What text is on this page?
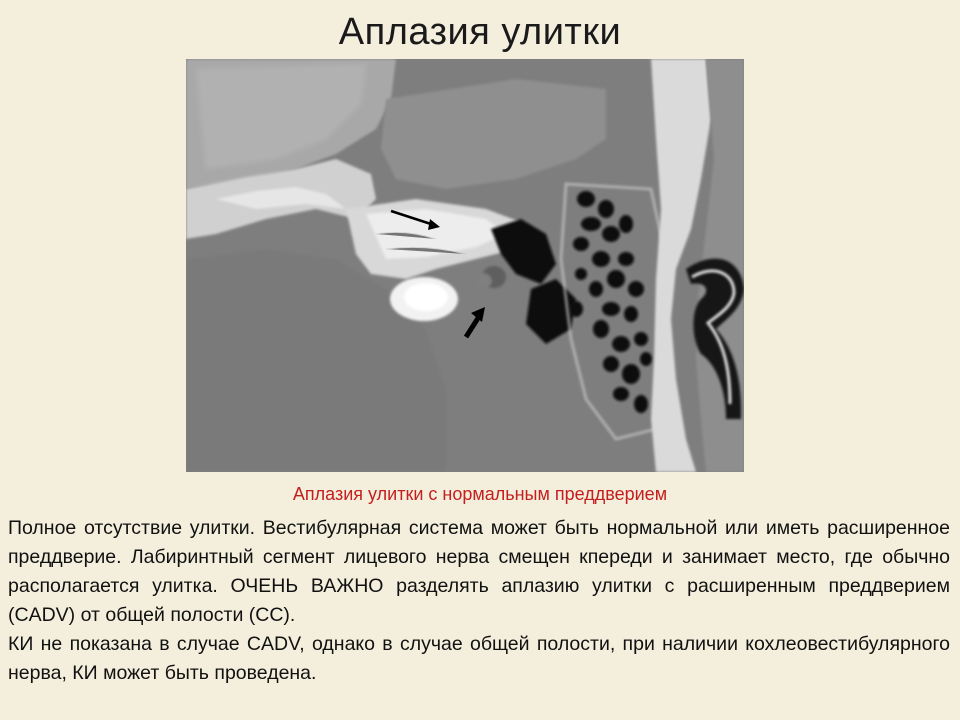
Аплазия улитки
Аплазия улитки с нормальным преддверием

Полное отсутствие улитки. Вестибулярная система может быть нормальной или иметь расширенное преддверие. Лабиринтный сегмент лицевого нерва смещен кпереди и занимает место, где обычно располагается улитка. ОЧЕНЬ ВАЖНО разделять аплазию улитки с расширенным преддверием (CADV) от общей полости (CC).

КИ не показана в случае CADV, однако в случае общей полости, при наличии кохлеовестибулярного нерва, КИ может быть проведена.
